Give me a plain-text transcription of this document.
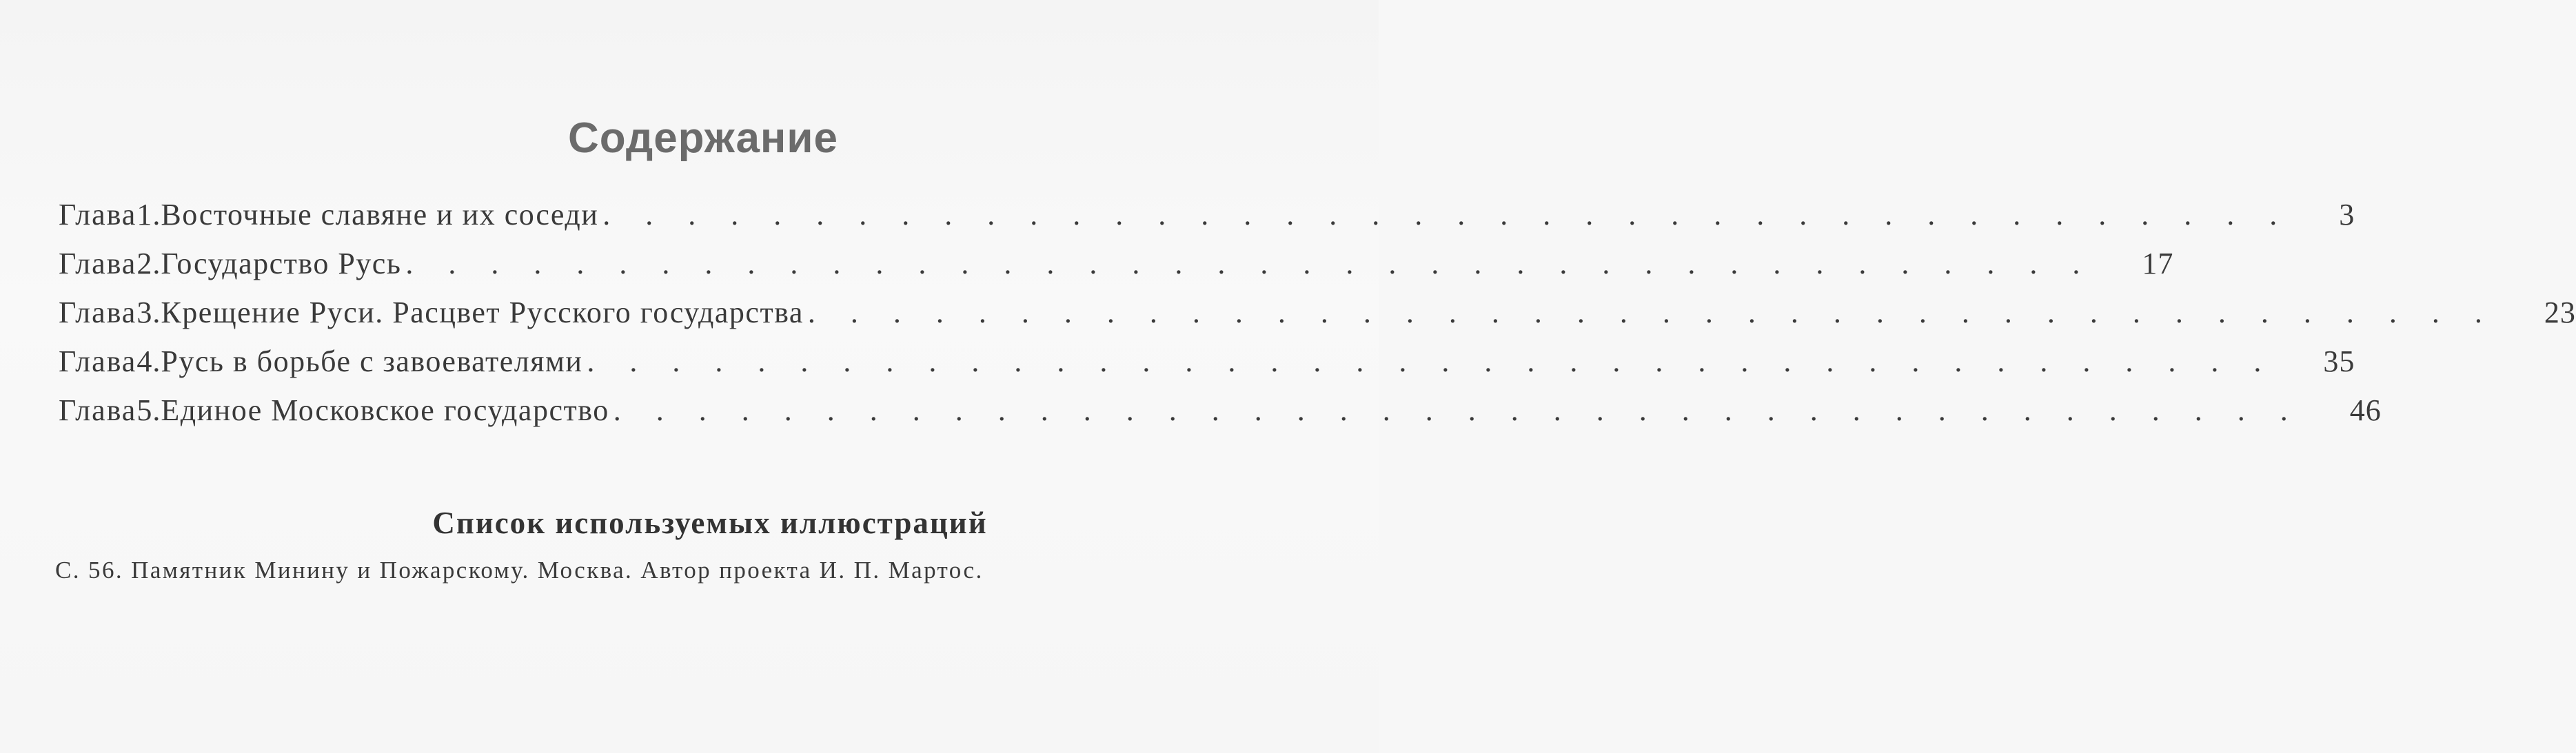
Содержание
Глава 1. Восточные славяне и их соседи . . . . . . . . . . . . . . . . . . . . . . . . . . . . . . . . . . . . . . . . 3
Глава 2. Государство Русь . . . . . . . . . . . . . . . . . . . . . . . . . . . . . . . . . . . . . . . . 17
Глава 3. Крещение Руси. Расцвет Русского государства . . . . . . . . . . . . . . . . . . . . . . . . . . . . . . . . . . . . . . . . 23
Глава 4. Русь в борьбе с завоевателями . . . . . . . . . . . . . . . . . . . . . . . . . . . . . . . . . . . . . . . . 35
Глава 5. Единое Московское государство . . . . . . . . . . . . . . . . . . . . . . . . . . . . . . . . . . . . . . . . 46
Список используемых иллюстраций
С. 56. Памятник Минину и Пожарскому. Москва. Автор проекта И. П. Мартос.
